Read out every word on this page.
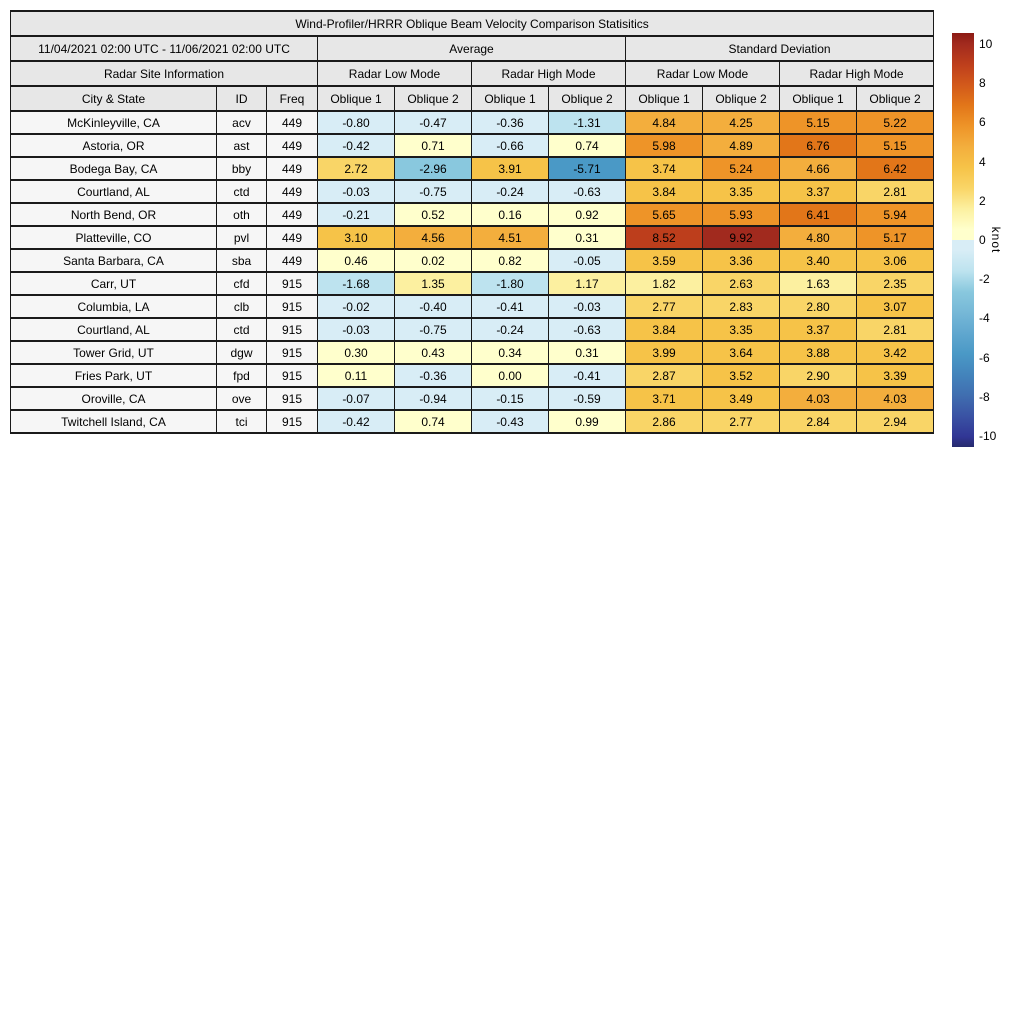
Wind-Profiler/HRRR Oblique Beam Velocity Comparison Statisitics										
11/04/2021 02:00 UTC - 11/06/2021 02:00 UTC			Average				Standard Deviation			
Radar Site Information			Radar Low Mode		Radar High Mode		Radar Low Mode		Radar High Mode	
City & State	ID	Freq	Oblique 1	Oblique 2	Oblique 1	Oblique 2	Oblique 1	Oblique 2	Oblique 1	Oblique 2
McKinleyville, CA	acv	449	-0.80	-0.47	-0.36	-1.31	4.84	4.25	5.15	5.22
Astoria, OR	ast	449	-0.42	0.71	-0.66	0.74	5.98	4.89	6.76	5.15
Bodega Bay, CA	bby	449	2.72	-2.96	3.91	-5.71	3.74	5.24	4.66	6.42
Courtland, AL	ctd	449	-0.03	-0.75	-0.24	-0.63	3.84	3.35	3.37	2.81
North Bend, OR	oth	449	-0.21	0.52	0.16	0.92	5.65	5.93	6.41	5.94
Platteville, CO	pvl	449	3.10	4.56	4.51	0.31	8.52	9.92	4.80	5.17
Santa Barbara, CA	sba	449	0.46	0.02	0.82	-0.05	3.59	3.36	3.40	3.06
Carr, UT	cfd	915	-1.68	1.35	-1.80	1.17	1.82	2.63	1.63	2.35
Columbia, LA	clb	915	-0.02	-0.40	-0.41	-0.03	2.77	2.83	2.80	3.07
Courtland, AL	ctd	915	-0.03	-0.75	-0.24	-0.63	3.84	3.35	3.37	2.81
Tower Grid, UT	dgw	915	0.30	0.43	0.34	0.31	3.99	3.64	3.88	3.42
Fries Park, UT	fpd	915	0.11	-0.36	0.00	-0.41	2.87	3.52	2.90	3.39
Oroville, CA	ove	915	-0.07	-0.94	-0.15	-0.59	3.71	3.49	4.03	4.03
Twitchell Island, CA	tci	915	-0.42	0.74	-0.43	0.99	2.86	2.77	2.84	2.94
10
8
6
4
2
0
-2
-4
-6
-8
-10
knot
